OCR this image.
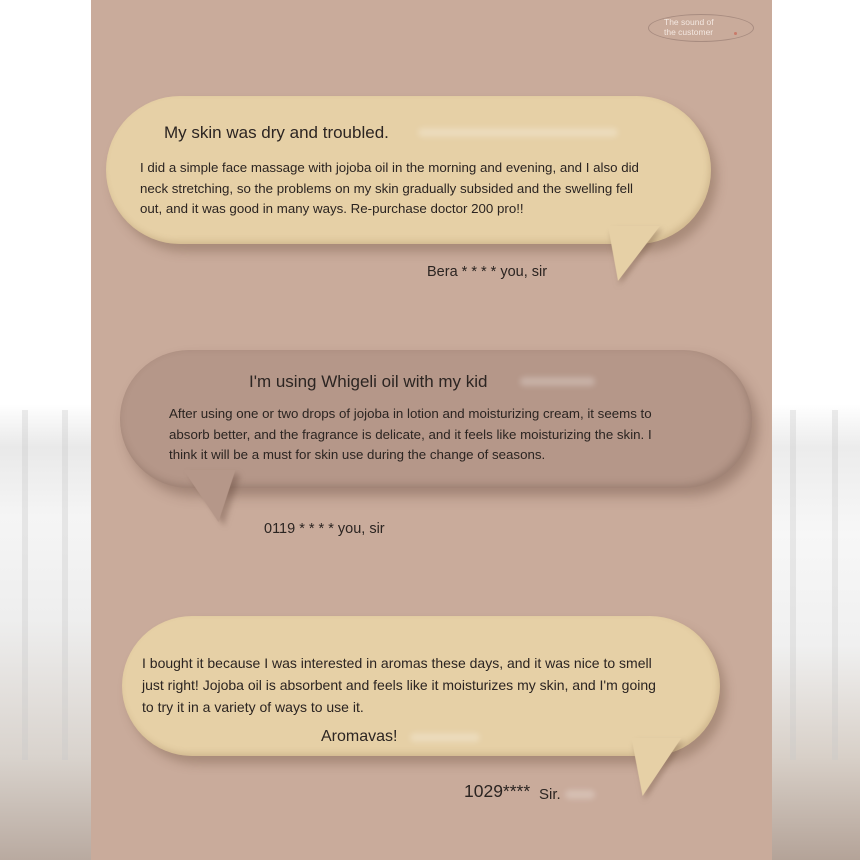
The sound of
the customer
My skin was dry and troubled.
I did a simple face massage with jojoba oil in the morning and evening, and I also did neck stretching, so the problems on my skin gradually subsided and the swelling fell out, and it was good in many ways. Re-purchase doctor 200 pro!!
Bera * * * * you, sir
I'm using Whigeli oil with my kid
After using one or two drops of jojoba in lotion and moisturizing cream, it seems to absorb better, and the fragrance is delicate, and it feels like moisturizing the skin. I think it will be a must for skin use during the change of seasons.
0119 * * * * you, sir
I bought it because I was interested in aromas these days, and it was nice to smell just right! Jojoba oil is absorbent and feels like it moisturizes my skin, and I'm going to try it in a variety of ways to use it.
Aromavas!
1029**** Sir.
